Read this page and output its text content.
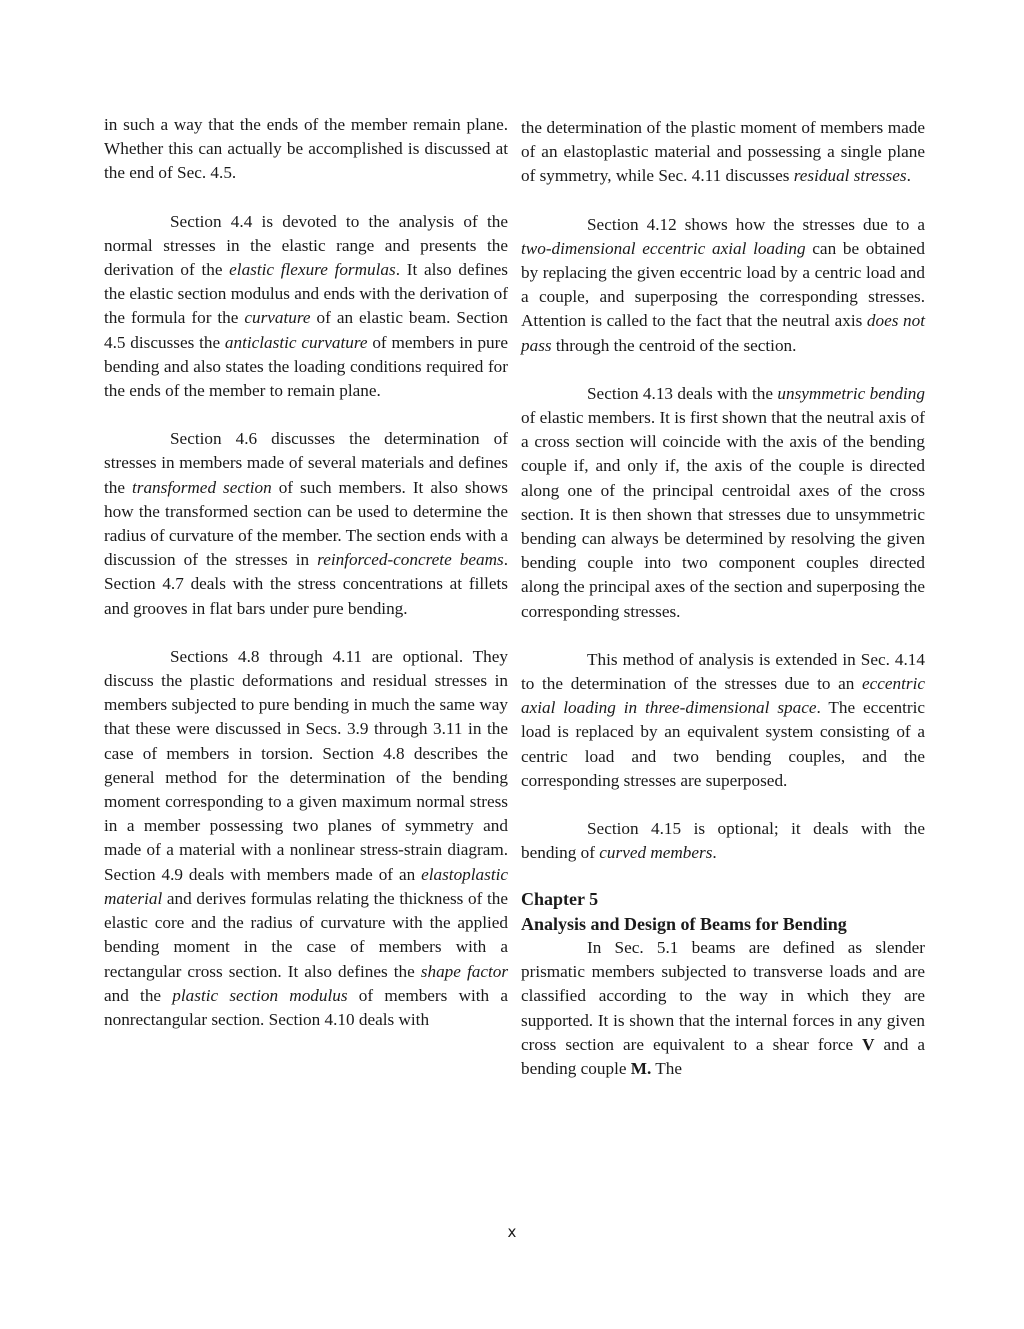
in such a way that the ends of the member remain plane. Whether this can actually be accomplished is discussed at the end of Sec. 4.5.

Section 4.4 is devoted to the analysis of the normal stresses in the elastic range and presents the derivation of the elastic flexure formulas. It also defines the elastic section modulus and ends with the derivation of the formula for the curvature of an elastic beam. Section 4.5 discusses the anticlastic curvature of members in pure bending and also states the loading conditions required for the ends of the member to remain plane.

Section 4.6 discusses the determination of stresses in members made of several materials and defines the transformed section of such members. It also shows how the transformed section can be used to determine the radius of curvature of the member. The section ends with a discussion of the stresses in reinforced-concrete beams. Section 4.7 deals with the stress concentrations at fillets and grooves in flat bars under pure bending.

Sections 4.8 through 4.11 are optional. They discuss the plastic deformations and residual stresses in members subjected to pure bending in much the same way that these were discussed in Secs. 3.9 through 3.11 in the case of members in torsion. Section 4.8 describes the general method for the determination of the bending moment corresponding to a given maximum normal stress in a member possessing two planes of symmetry and made of a material with a nonlinear stress-strain diagram. Section 4.9 deals with members made of an elastoplastic material and derives formulas relating the thickness of the elastic core and the radius of curvature with the applied bending moment in the case of members with a rectangular cross section. It also defines the shape factor and the plastic section modulus of members with a nonrectangular section. Section 4.10 deals with

the determination of the plastic moment of members made of an elastoplastic material and possessing a single plane of symmetry, while Sec. 4.11 discusses residual stresses.

Section 4.12 shows how the stresses due to a two-dimensional eccentric axial loading can be obtained by replacing the given eccentric load by a centric load and a couple, and superposing the corresponding stresses. Attention is called to the fact that the neutral axis does not pass through the centroid of the section.

Section 4.13 deals with the unsymmetric bending of elastic members. It is first shown that the neutral axis of a cross section will coincide with the axis of the bending couple if, and only if, the axis of the couple is directed along one of the principal centroidal axes of the cross section. It is then shown that stresses due to unsymmetric bending can always be determined by resolving the given bending couple into two component couples directed along the principal axes of the section and superposing the corresponding stresses.

This method of analysis is extended in Sec. 4.14 to the determination of the stresses due to an eccentric axial loading in three-dimensional space. The eccentric load is replaced by an equivalent system consisting of a centric load and two bending couples, and the corresponding stresses are superposed.

Section 4.15 is optional; it deals with the bending of curved members.

Chapter 5

Analysis and Design of Beams for Bending

In Sec. 5.1 beams are defined as slender prismatic members subjected to transverse loads and are classified according to the way in which they are supported. It is shown that the internal forces in any given cross section are equivalent to a shear force V and a bending couple M. The

x
